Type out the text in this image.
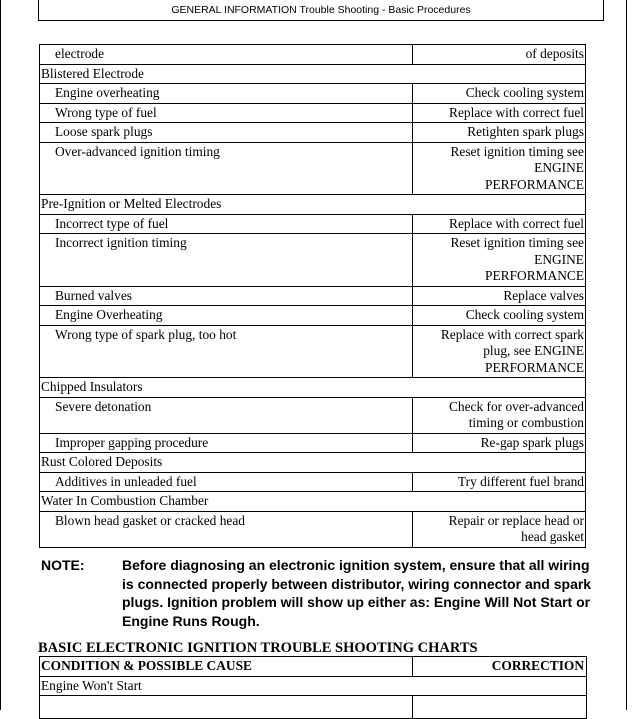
GENERAL INFORMATION Trouble Shooting - Basic Procedures
electrode	of deposits
Blistered Electrode	
Engine overheating	Check cooling system
Wrong type of fuel	Replace with correct fuel
Loose spark plugs	Retighten spark plugs
Over-advanced ignition timing	Reset ignition timing see
ENGINE
PERFORMANCE

Pre-Ignition or Melted Electrodes	
Incorrect type of fuel	Replace with correct fuel
Incorrect ignition timing	Reset ignition timing see
ENGINE
PERFORMANCE

Burned valves	Replace valves
Engine Overheating	Check cooling system
Wrong type of spark plug, too hot	Replace with correct spark
plug, see ENGINE
PERFORMANCE

Chipped Insulators	
Severe detonation	Check for over-advanced
timing or combustion

Improper gapping procedure	Re-gap spark plugs
Rust Colored Deposits	
Additives in unleaded fuel	Try different fuel brand
Water In Combustion Chamber	
Blown head gasket or cracked head	Repair or replace head or
head gasket
NOTE:	Before diagnosing an electronic ignition system, ensure that all wiring is connected properly between distributor, wiring connector and spark plugs. Ignition problem will show up either as: Engine Will Not Start or Engine Runs Rough.
BASIC ELECTRONIC IGNITION TROUBLE SHOOTING CHARTS
CONDITION & POSSIBLE CAUSE	CORRECTION
Engine Won't Start	
